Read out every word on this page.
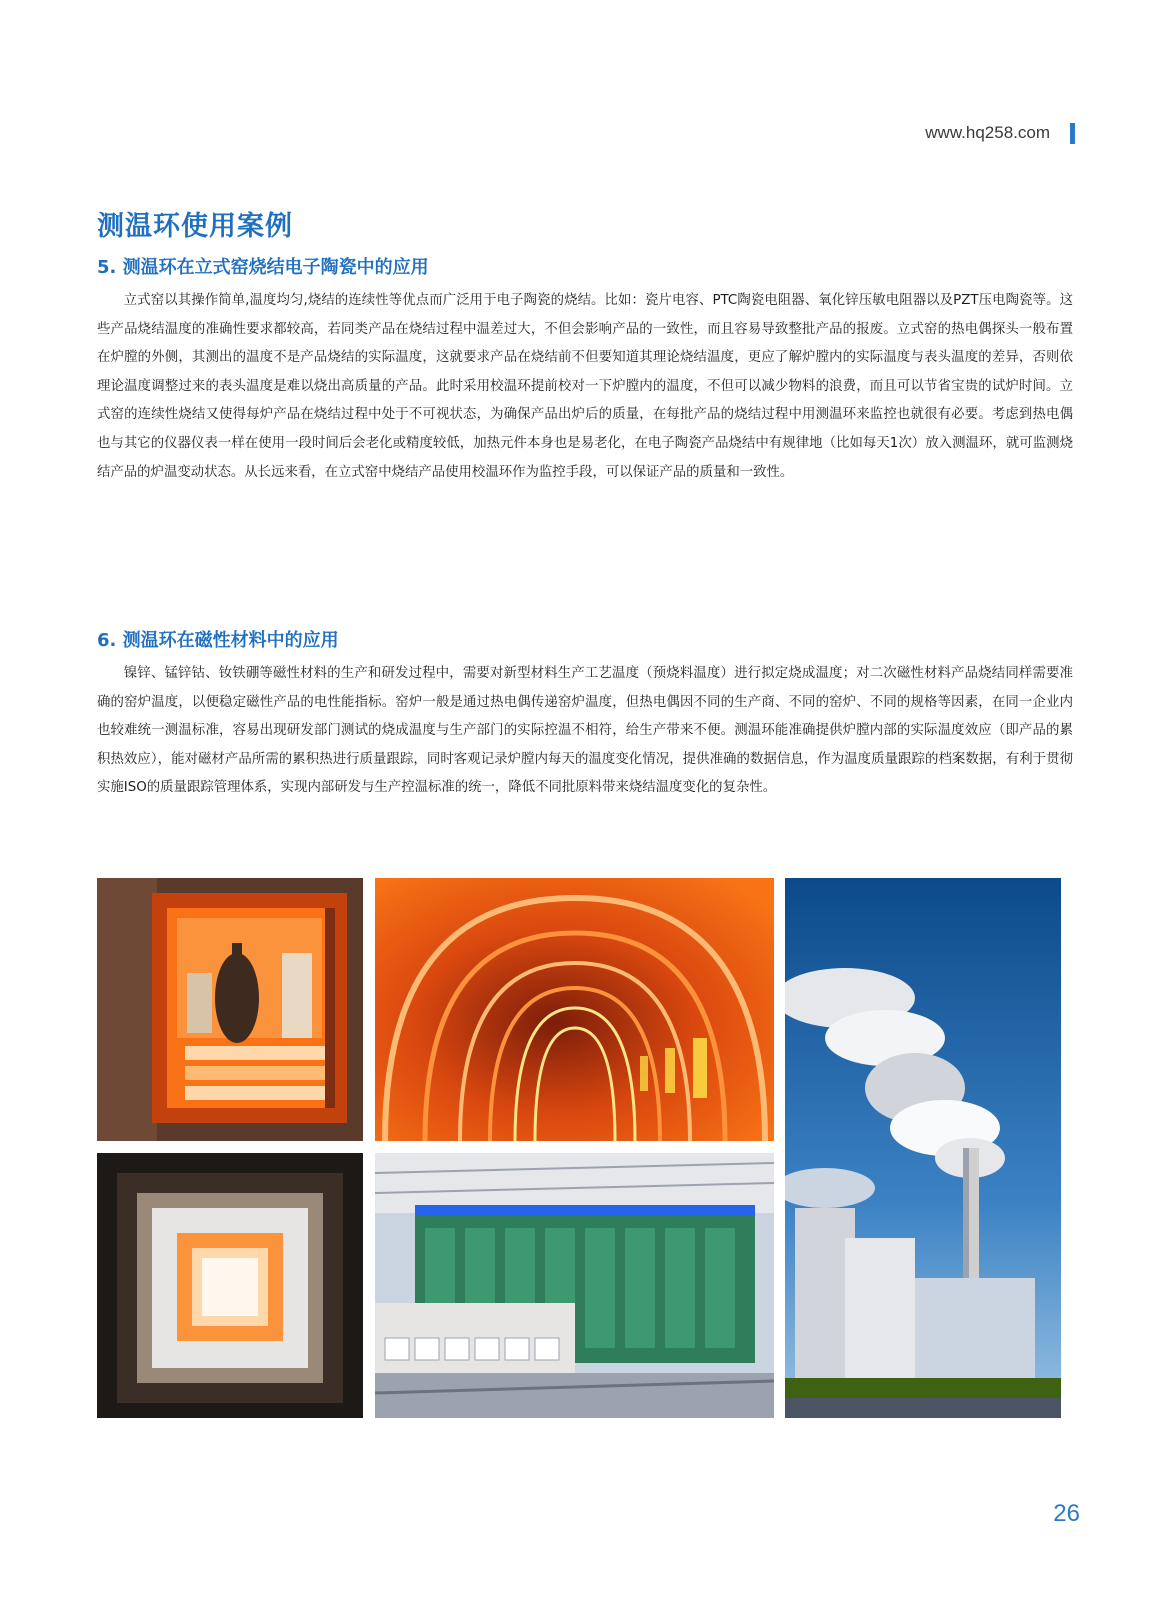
www.hq258.com
测温环使用案例
5. 测温环在立式窑烧结电子陶瓷中的应用

立式窑以其操作简单,温度均匀,烧结的连续性等优点而广泛用于电子陶瓷的烧结。比如：瓷片电容、PTC陶瓷电阻器、氧化锌压敏电阻器以及PZT压电陶瓷等。这些产品烧结温度的准确性要求都较高，若同类产品在烧结过程中温差过大，不但会影响产品的一致性，而且容易导致整批产品的报废。立式窑的热电偶探头一般布置在炉膛的外侧，其测出的温度不是产品烧结的实际温度，这就要求产品在烧结前不但要知道其理论烧结温度，更应了解炉膛内的实际温度与表头温度的差异，否则依理论温度调整过来的表头温度是难以烧出高质量的产品。此时采用校温环提前校对一下炉膛内的温度，不但可以减少物料的浪费，而且可以节省宝贵的试炉时间。立式窑的连续性烧结又使得每炉产品在烧结过程中处于不可视状态，为确保产品出炉后的质量，在每批产品的烧结过程中用测温环来监控也就很有必要。考虑到热电偶也与其它的仪器仪表一样在使用一段时间后会老化或精度较低，加热元件本身也是易老化，在电子陶瓷产品烧结中有规律地（比如每天1次）放入测温环，就可监测烧结产品的炉温变动状态。从长远来看，在立式窑中烧结产品使用校温环作为监控手段，可以保证产品的质量和一致性。

6. 测温环在磁性材料中的应用

镍锌、锰锌钴、钕铁硼等磁性材料的生产和研发过程中，需要对新型材料生产工艺温度（预烧料温度）进行拟定烧成温度；对二次磁性材料产品烧结同样需要准确的窑炉温度，以便稳定磁性产品的电性能指标。窑炉一般是通过热电偶传递窑炉温度，但热电偶因不同的生产商、不同的窑炉、不同的规格等因素，在同一企业内也较难统一测温标准，容易出现研发部门测试的烧成温度与生产部门的实际控温不相符，给生产带来不便。测温环能准确提供炉膛内部的实际温度效应（即产品的累积热效应），能对磁材产品所需的累积热进行质量跟踪，同时客观记录炉膛内每天的温度变化情况，提供准确的数据信息，作为温度质量跟踪的档案数据，有利于贯彻实施ISO的质量跟踪管理体系，实现内部研发与生产控温标准的统一，降低不同批原料带来烧结温度变化的复杂性。

26
